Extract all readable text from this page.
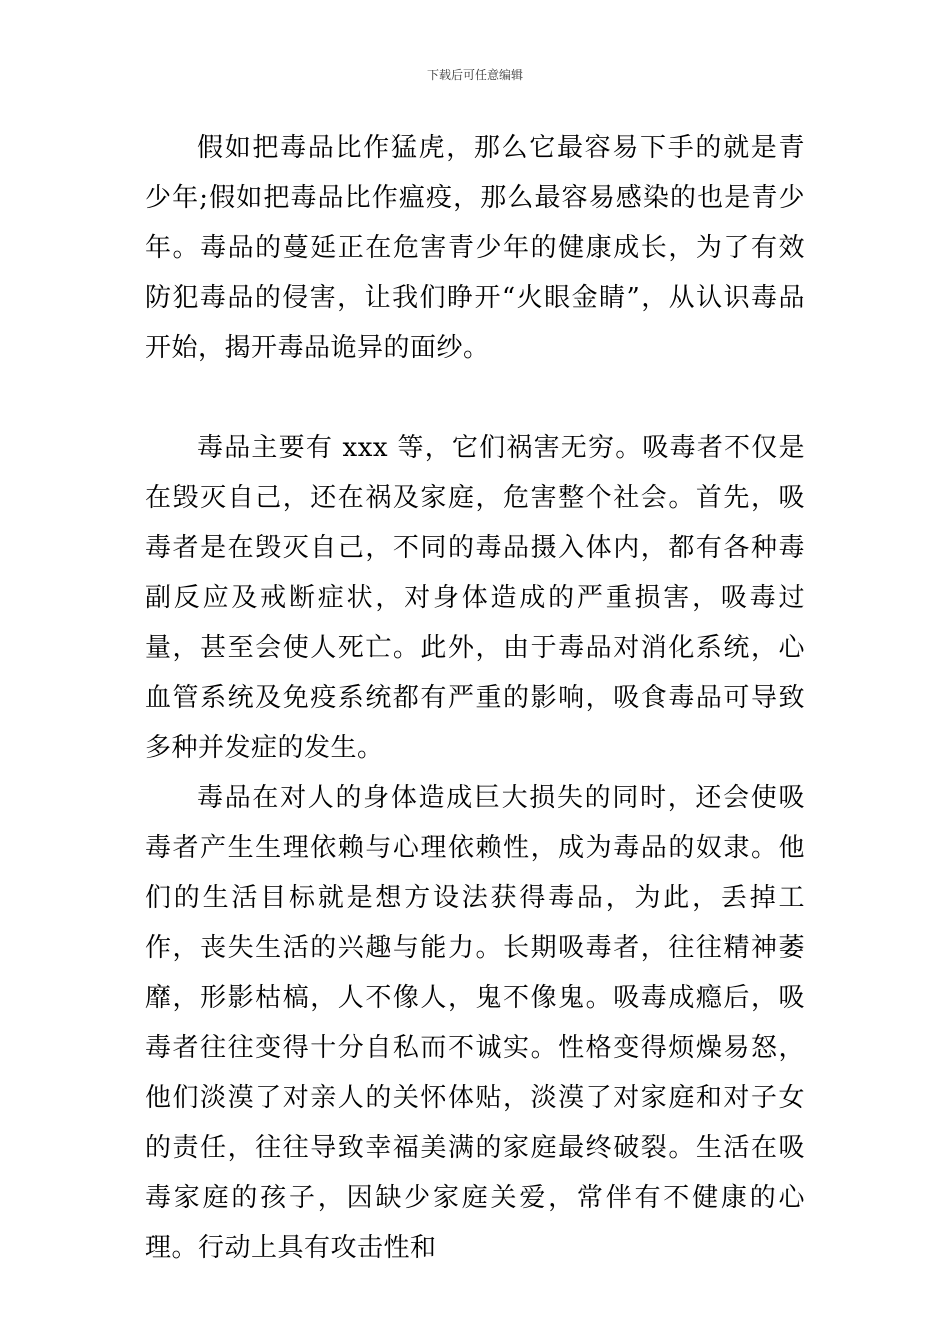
下载后可任意编辑

假如把毒品比作猛虎，那么它最容易下手的就是青少年;假如把毒品比作瘟疫，那么最容易感染的也是青少年。毒品的蔓延正在危害青少年的健康成长，为了有效防犯毒品的侵害，让我们睁开“火眼金睛”，从认识毒品开始，揭开毒品诡异的面纱。

毒品主要有 xxx 等，它们祸害无穷。吸毒者不仅是在毁灭自己，还在祸及家庭，危害整个社会。首先，吸毒者是在毁灭自己，不同的毒品摄入体内，都有各种毒副反应及戒断症状，对身体造成的严重损害，吸毒过量，甚至会使人死亡。此外，由于毒品对消化系统，心血管系统及免疫系统都有严重的影响，吸食毒品可导致多种并发症的发生。

毒品在对人的身体造成巨大损失的同时，还会使吸毒者产生生理依赖与心理依赖性，成为毒品的奴隶。他们的生活目标就是想方设法获得毒品，为此，丢掉工作，丧失生活的兴趣与能力。长期吸毒者，往往精神萎靡，形影枯槁，人不像人，鬼不像鬼。吸毒成瘾后，吸毒者往往变得十分自私而不诚实。性格变得烦燥易怒，他们淡漠了对亲人的关怀体贴，淡漠了对家庭和对子女的责任，往往导致幸福美满的家庭最终破裂。生活在吸毒家庭的孩子，因缺少家庭关爱，常伴有不健康的心理。行动上具有攻击性和
